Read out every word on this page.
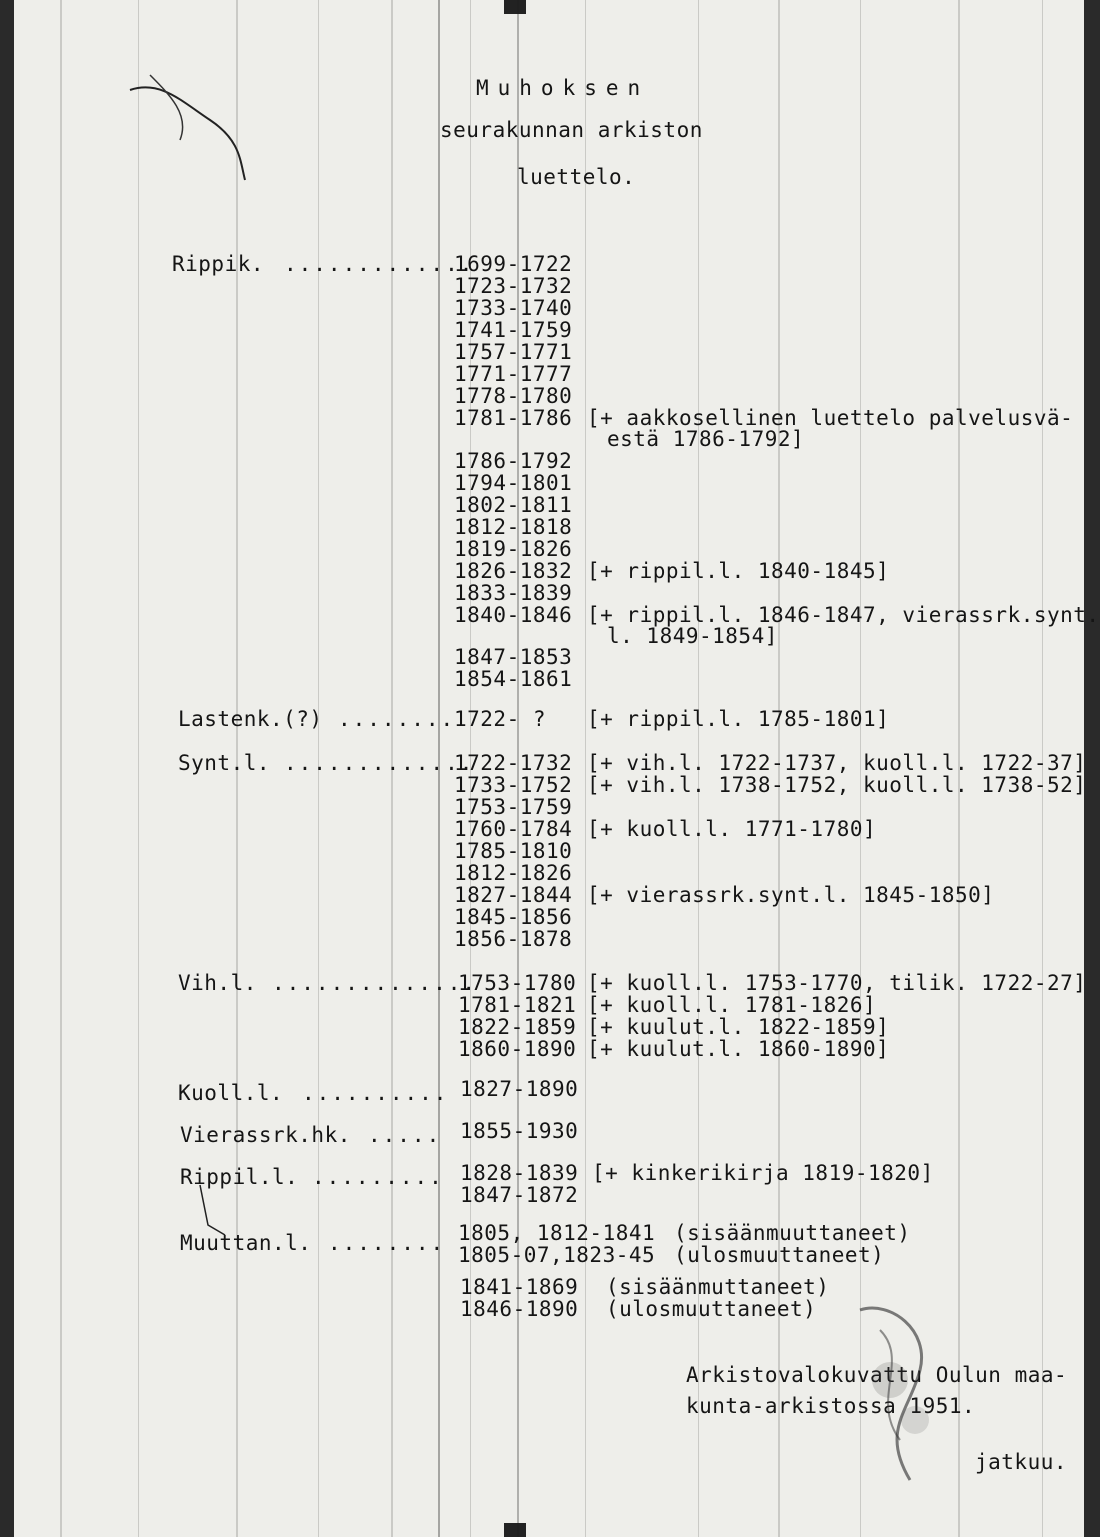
Muhoksen
seurakunnan arkiston
luettelo.
Rippik. .............
1699-1722
1723-1732
1733-1740
1741-1759
1757-1771
1771-1777
1778-1780
1781-1786 [+ aakkosellinen luettelo palvelusvä-
estä 1786-1792]
1786-1792
1794-1801
1802-1811
1812-1818
1819-1826
1826-1832 [+ rippil.l. 1840-1845]
1833-1839
1840-1846 [+ rippil.l. 1846-1847, vierassrk.synt.
l. 1849-1854]
1847-1853
1854-1861
Lastenk.(?) ........
1722- ? [+ rippil.l. 1785-1801]
Synt.l. .............
1722-1732 [+ vih.l. 1722-1737, kuoll.l. 1722-37]
1733-1752 [+ vih.l. 1738-1752, kuoll.l. 1738-52]
1753-1759
1760-1784 [+ kuoll.l. 1771-1780]
1785-1810
1812-1826
1827-1844 [+ vierassrk.synt.l. 1845-1850]
1845-1856
1856-1878
Vih.l. ..............
1753-1780 [+ kuoll.l. 1753-1770, tilik. 1722-27]
1781-1821 [+ kuoll.l. 1781-1826]
1822-1859 [+ kuulut.l. 1822-1859]
1860-1890 [+ kuulut.l. 1860-1890]
Kuoll.l. .......... 1827-1890
Vierassrk.hk. ..... 1855-1930
Rippil.l. ......... 1828-1839 [+ kinkerikirja 1819-1820]
1847-1872
Muuttan.l. ........ 1805, 1812-1841 (sisäänmuuttaneet)
1805-07,1823-45 (ulosmuuttaneet)
1841-1869 (sisäänmuttaneet)
1846-1890 (ulosmuuttaneet)
Arkistovalokuvattu Oulun maa-
kunta-arkistossa 1951.
jatkuu.
